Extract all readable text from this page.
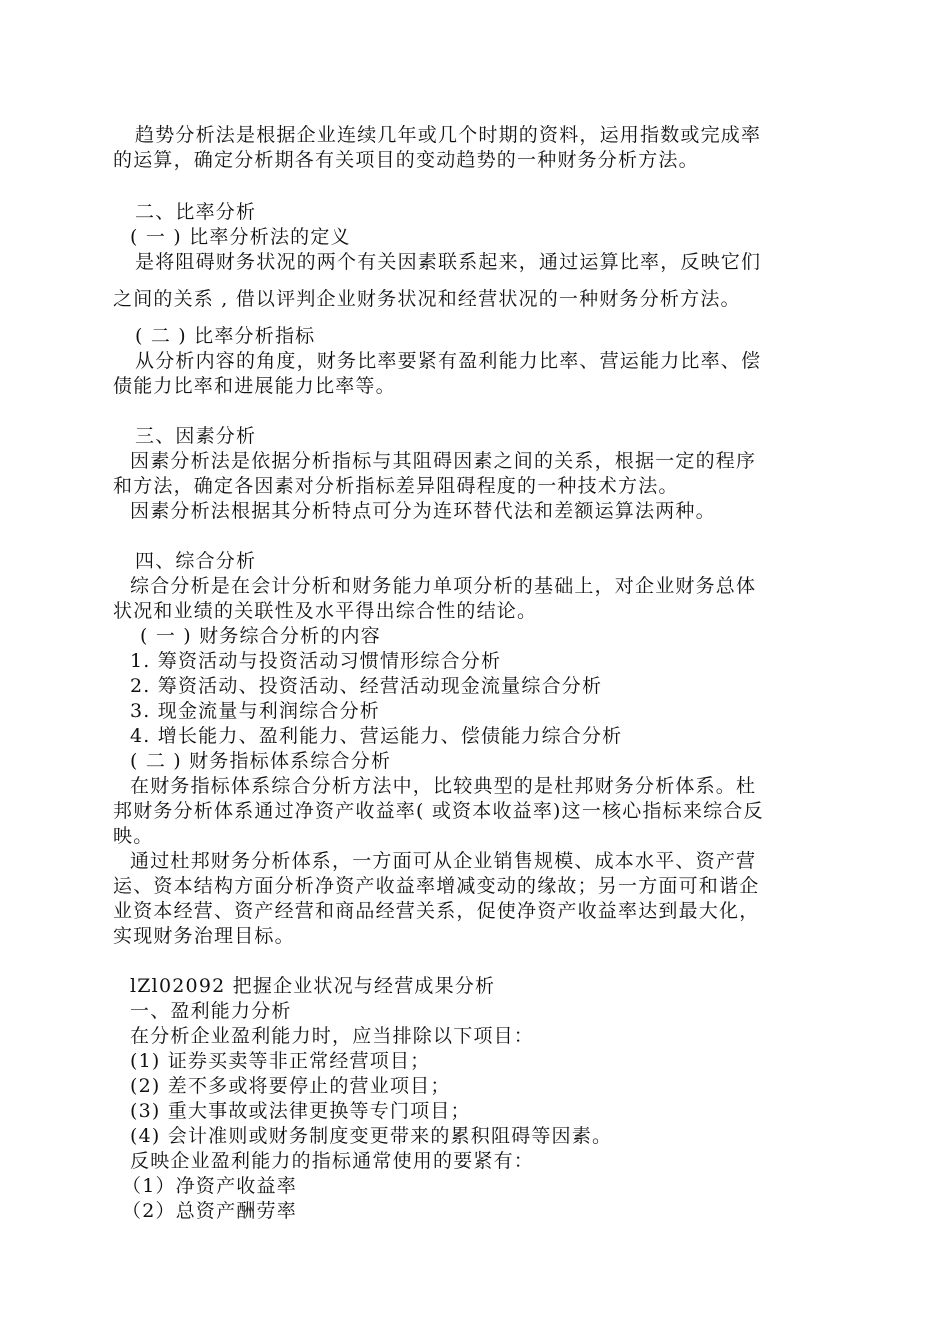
趋势分析法是根据企业连续几年或几个时期的资料，运用指数或完成率
的运算，确定分析期各有关项目的变动趋势的一种财务分析方法。
二、比率分析
( 一 ) 比率分析法的定义
是将阻碍财务状况的两个有关因素联系起来，通过运算比率，反映它们
之间的关系 , 借以评判企业财务状况和经营状况的一种财务分析方法。
( 二 ) 比率分析指标
从分析内容的角度，财务比率要紧有盈利能力比率、营运能力比率、偿
债能力比率和进展能力比率等。
三、因素分析
因素分析法是依据分析指标与其阻碍因素之间的关系，根据一定的程序
和方法，确定各因素对分析指标差异阻碍程度的一种技术方法。
因素分析法根据其分析特点可分为连环替代法和差额运算法两种。
四、综合分析
综合分析是在会计分析和财务能力单项分析的基础上，对企业财务总体
状况和业绩的关联性及水平得出综合性的结论。
( 一 ) 财务综合分析的内容
1. 筹资活动与投资活动习惯情形综合分析
2. 筹资活动、投资活动、经营活动现金流量综合分析
3. 现金流量与利润综合分析
4. 增长能力、盈利能力、营运能力、偿债能力综合分析
( 二 ) 财务指标体系综合分析
在财务指标体系综合分析方法中，比较典型的是杜邦财务分析体系。杜
邦财务分析体系通过净资产收益率( 或资本收益率)这一核心指标来综合反
映。
通过杜邦财务分析体系，一方面可从企业销售规模、成本水平、资产营
运、资本结构方面分析净资产收益率增减变动的缘故；另一方面可和谐企
业资本经营、资产经营和商品经营关系，促使净资产收益率达到最大化，
实现财务治理目标。
lZl02092 把握企业状况与经营成果分析
一、盈利能力分析
在分析企业盈利能力时，应当排除以下项目：
(1) 证券买卖等非正常经营项目；
(2) 差不多或将要停止的营业项目；
(3) 重大事故或法律更换等专门项目；
(4) 会计准则或财务制度变更带来的累积阻碍等因素。
反映企业盈利能力的指标通常使用的要紧有：
（1）净资产收益率
（2）总资产酬劳率
